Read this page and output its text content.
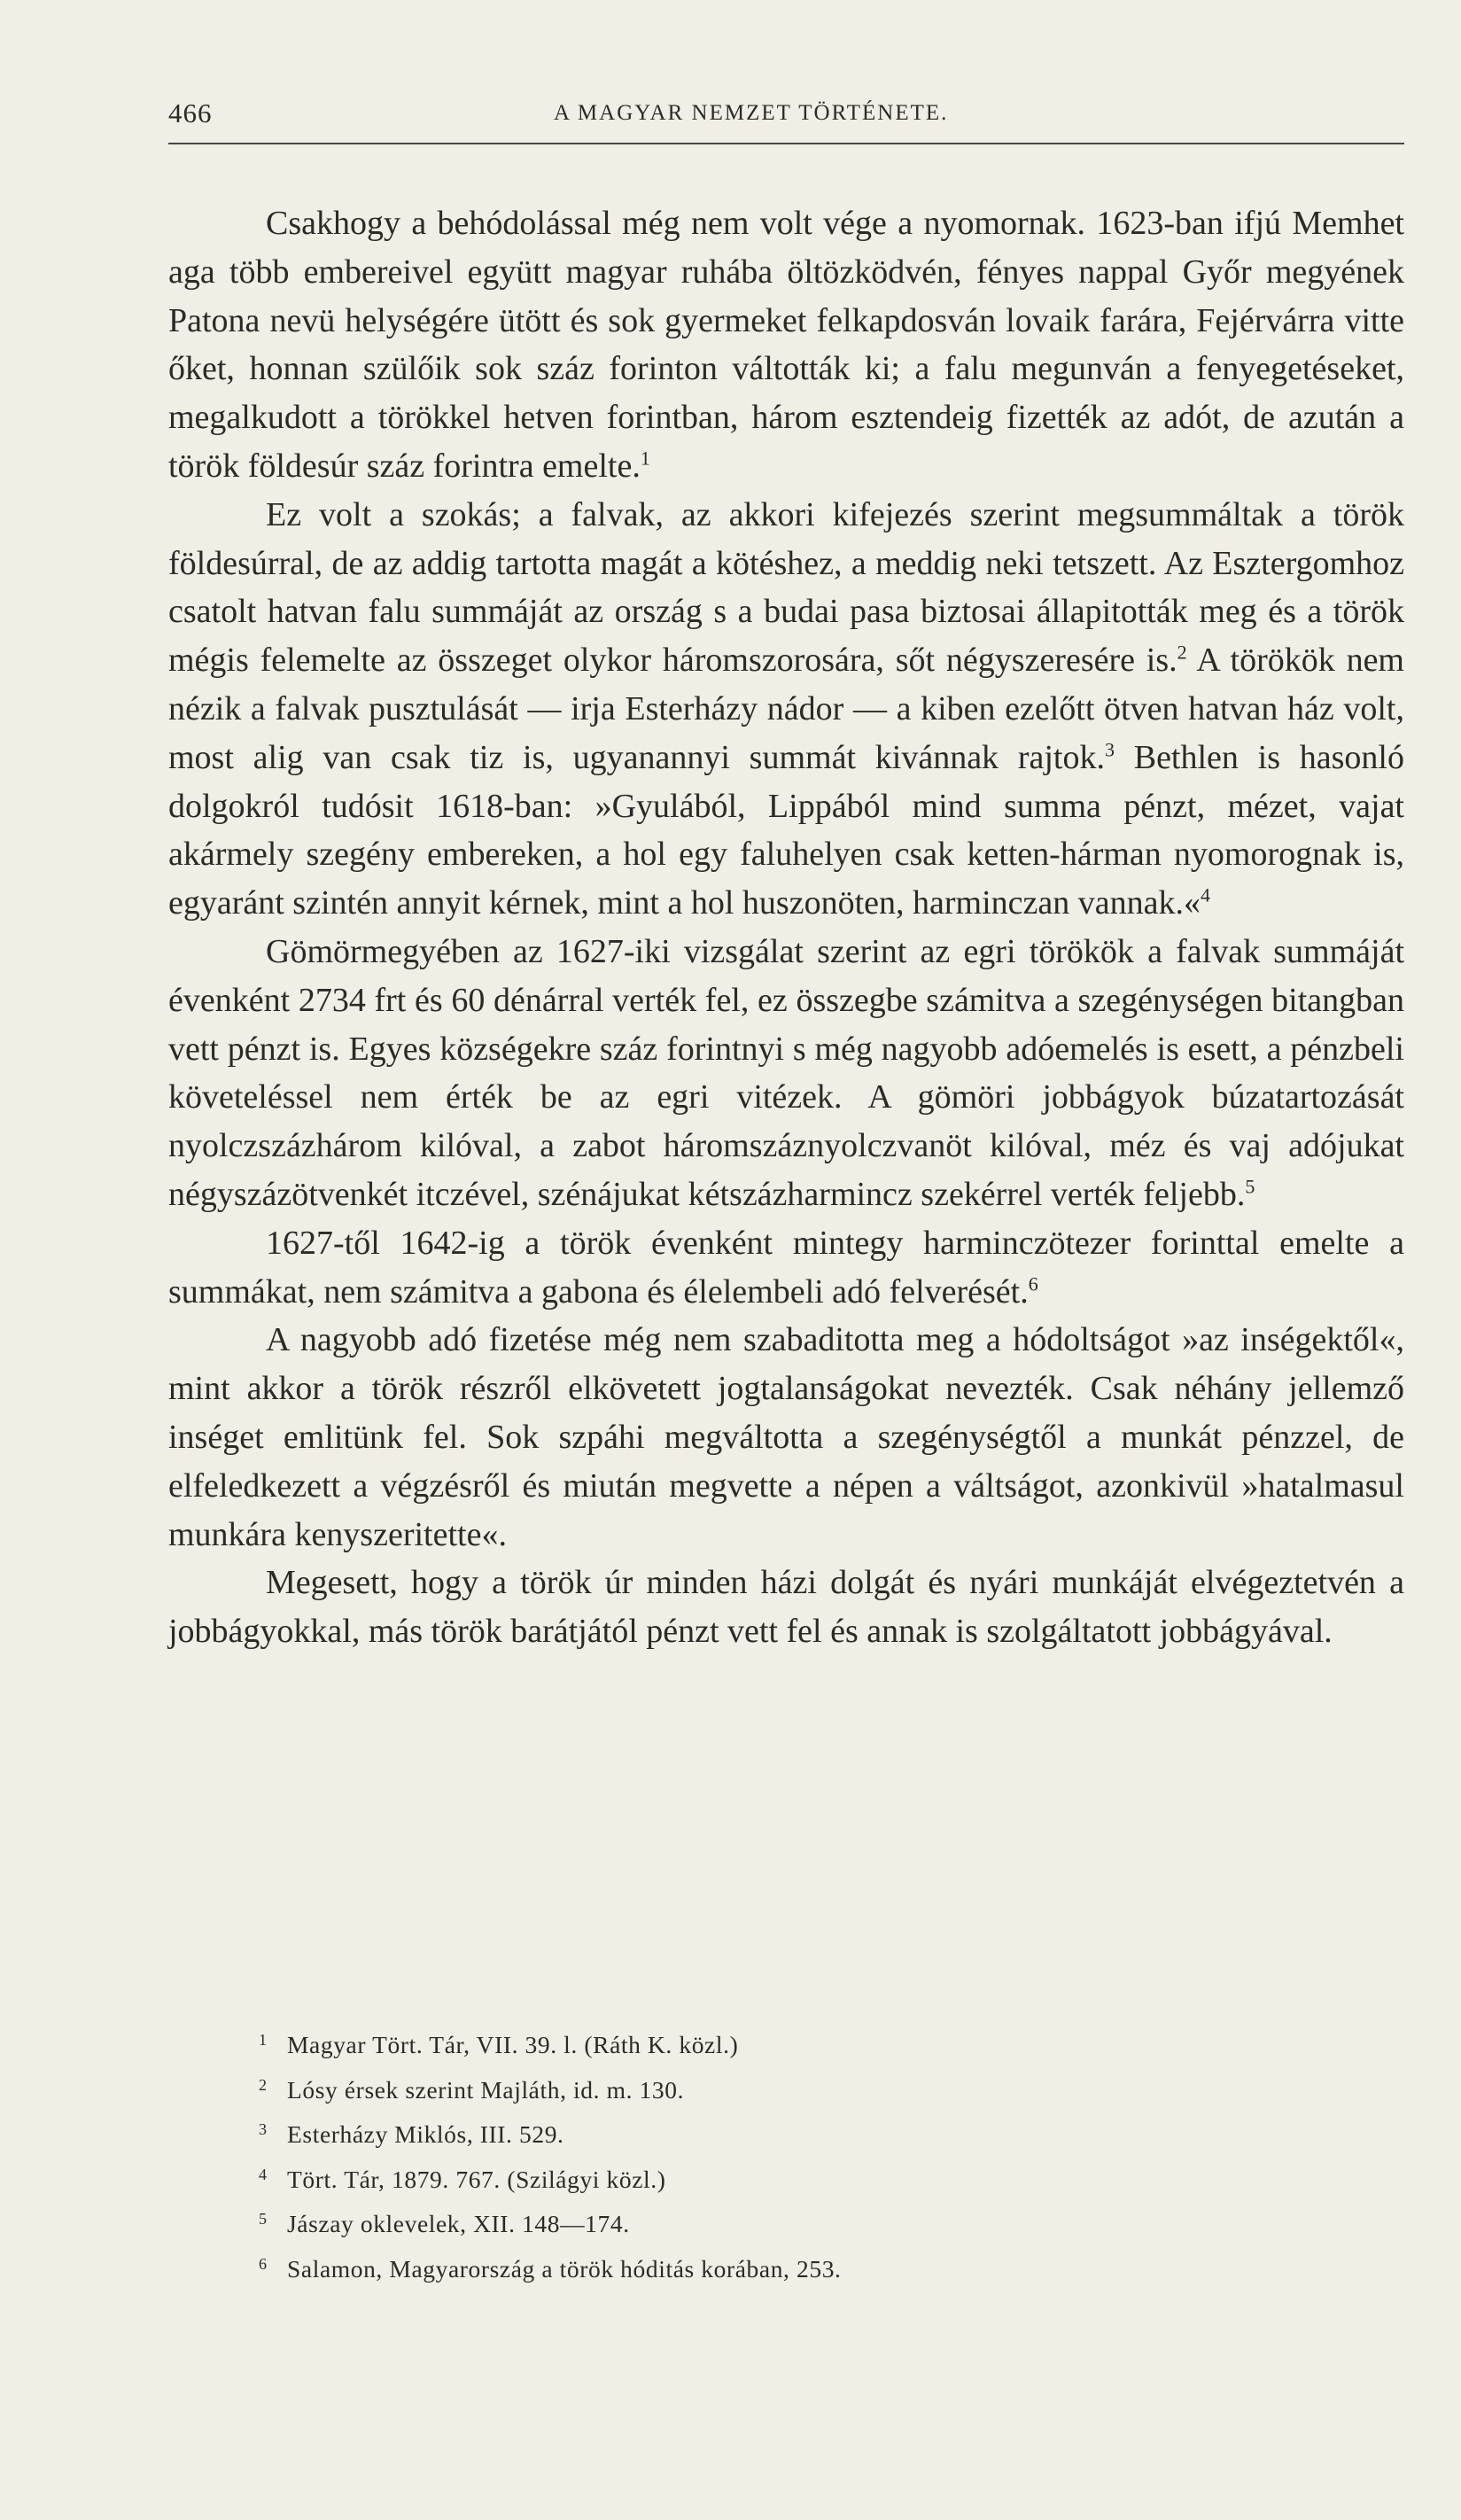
466	A MAGYAR NEMZET TÖRTÉNETE.

Csakhogy a behódolással még nem volt vége a nyomornak. 1623-ban ifjú Memhet aga több embereivel együtt magyar ruhába öltözködvén, fényes nappal Győr megyének Patona nevü helységére ütött és sok gyermeket felkapdosván lovaik farára, Fejérvárra vitte őket, honnan szülőik sok száz forinton váltották ki; a falu megunván a fenyegetéseket, megalkudott a törökkel hetven forintban, három esztendeig fizették az adót, de azután a török földesúr száz forintra emelte.$^1$

Ez volt a szokás; a falvak, az akkori kifejezés szerint megsummáltak a török földesúrral, de az addig tartotta magát a kötéshez, a meddig neki tetszett. Az Esztergomhoz csatolt hatvan falu summáját az ország s a budai pasa biztosai állapitották meg és a török mégis felemelte az összeget olykor háromszorosára, sőt négyszeresére is.$^2$ A törökök nem nézik a falvak pusztulását — irja Esterházy nádor — a kiben ezelőtt ötven hatvan ház volt, most alig van csak tiz is, ugyanannyi summát kivánnak rajtok.$^3$ Bethlen is hasonló dolgokról tudósit 1618-ban: »Gyulából, Lippából mind summa pénzt, mézet, vajat akármely szegény embereken, a hol egy faluhelyen csak ketten-hárman nyomorognak is, egyaránt szintén annyit kérnek, mint a hol huszonöten, harminczan vannak.«$^4$

Gömörmegyében az 1627-iki vizsgálat szerint az egri törökök a falvak summáját évenként 2734 frt és 60 dénárral verték fel, ez összegbe számitva a szegénységen bitangban vett pénzt is. Egyes községekre száz forintnyi s még nagyobb adóemelés is esett, a pénzbeli követeléssel nem érték be az egri vitézek. A gömöri jobbágyok búzatartozását nyolczszázhárom kilóval, a zabot háromszáznyolczvanöt kilóval, méz és vaj adójukat négyszázötvenkét itczével, szénájukat kétszázharmincz szekérrel verték feljebb.$^5$

1627-től 1642-ig a török évenként mintegy harminczötezer forinttal emelte a summákat, nem számitva a gabona és élelembeli adó felverését.$^6$

A nagyobb adó fizetése még nem szabaditotta meg a hódoltságot »az inségektől«, mint akkor a török részről elkövetett jogtalanságokat nevezték. Csak néhány jellemző inséget emlitünk fel. Sok szpáhi megváltotta a szegénységtől a munkát pénzzel, de elfeledkezett a végzésről és miután megvette a népen a váltságot, azonkivül »hatalmasul munkára kenyszeritette«.

Megesett, hogy a török úr minden házi dolgát és nyári munkáját elvégeztetvén a jobbágyokkal, más török barátjától pénzt vett fel és annak is szolgáltatott jobbágyával.

1 Magyar Tört. Tár, VII. 39. l. (Ráth K. közl.)
2 Lósy érsek szerint Majláth, id. m. 130.
3 Esterházy Miklós, III. 529.
4 Tört. Tár, 1879. 767. (Szilágyi közl.)
5 Jászay oklevelek, XII. 148—174.
6 Salamon, Magyarország a török hóditás korában, 253.
